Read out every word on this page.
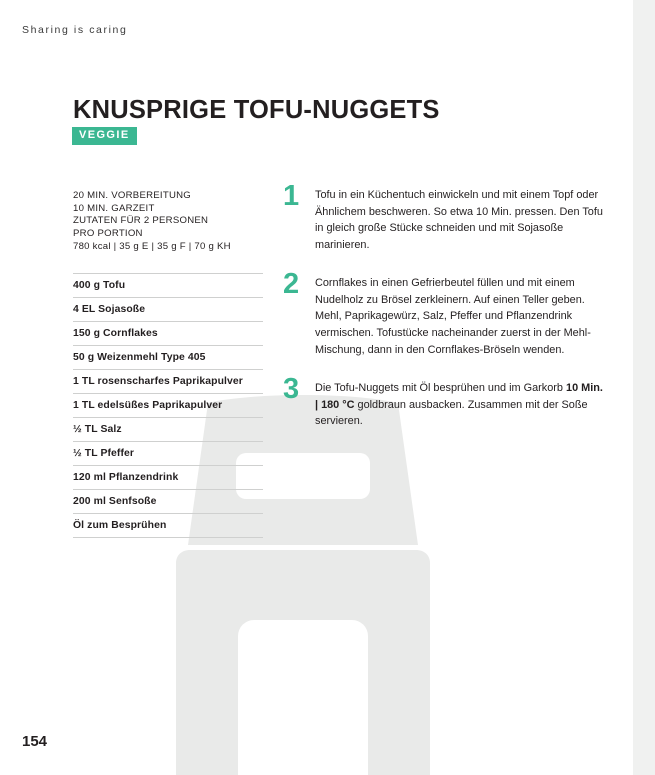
Sharing is caring
KNUSPRIGE TOFU-NUGGETS
VEGGIE
20 MIN. VORBEREITUNG
10 MIN. GARZEIT
ZUTATEN FÜR 2 PERSONEN
PRO PORTION
780 kcal | 35 g E | 35 g F | 70 g KH
400 g Tofu
4 EL Sojasoße
150 g Cornflakes
50 g Weizenmehl Type 405
1 TL rosenscharfes Paprikapulver
1 TL edelsüßes Paprikapulver
½ TL Salz
½ TL Pfeffer
120 ml Pflanzendrink
200 ml Senfsoße
Öl zum Besprühen
1	Tofu in ein Küchentuch einwickeln und mit einem Topf oder Ähnlichem beschweren. So etwa 10 Min. pressen. Den Tofu in gleich große Stücke schneiden und mit Sojasoße marinieren.
2	Cornflakes in einen Gefrierbeutel füllen und mit einem Nudelholz zu Brösel zerkleinern. Auf einen Teller geben. Mehl, Paprikagewürz, Salz, Pfeffer und Pflanzendrink vermischen. Tofustücke nacheinander zuerst in der Mehl-Mischung, dann in den Cornflakes-Bröseln wenden.
3	Die Tofu-Nuggets mit Öl besprühen und im Garkorb 10 Min. | 180 °C goldbraun ausbacken. Zusammen mit der Soße servieren.
154
